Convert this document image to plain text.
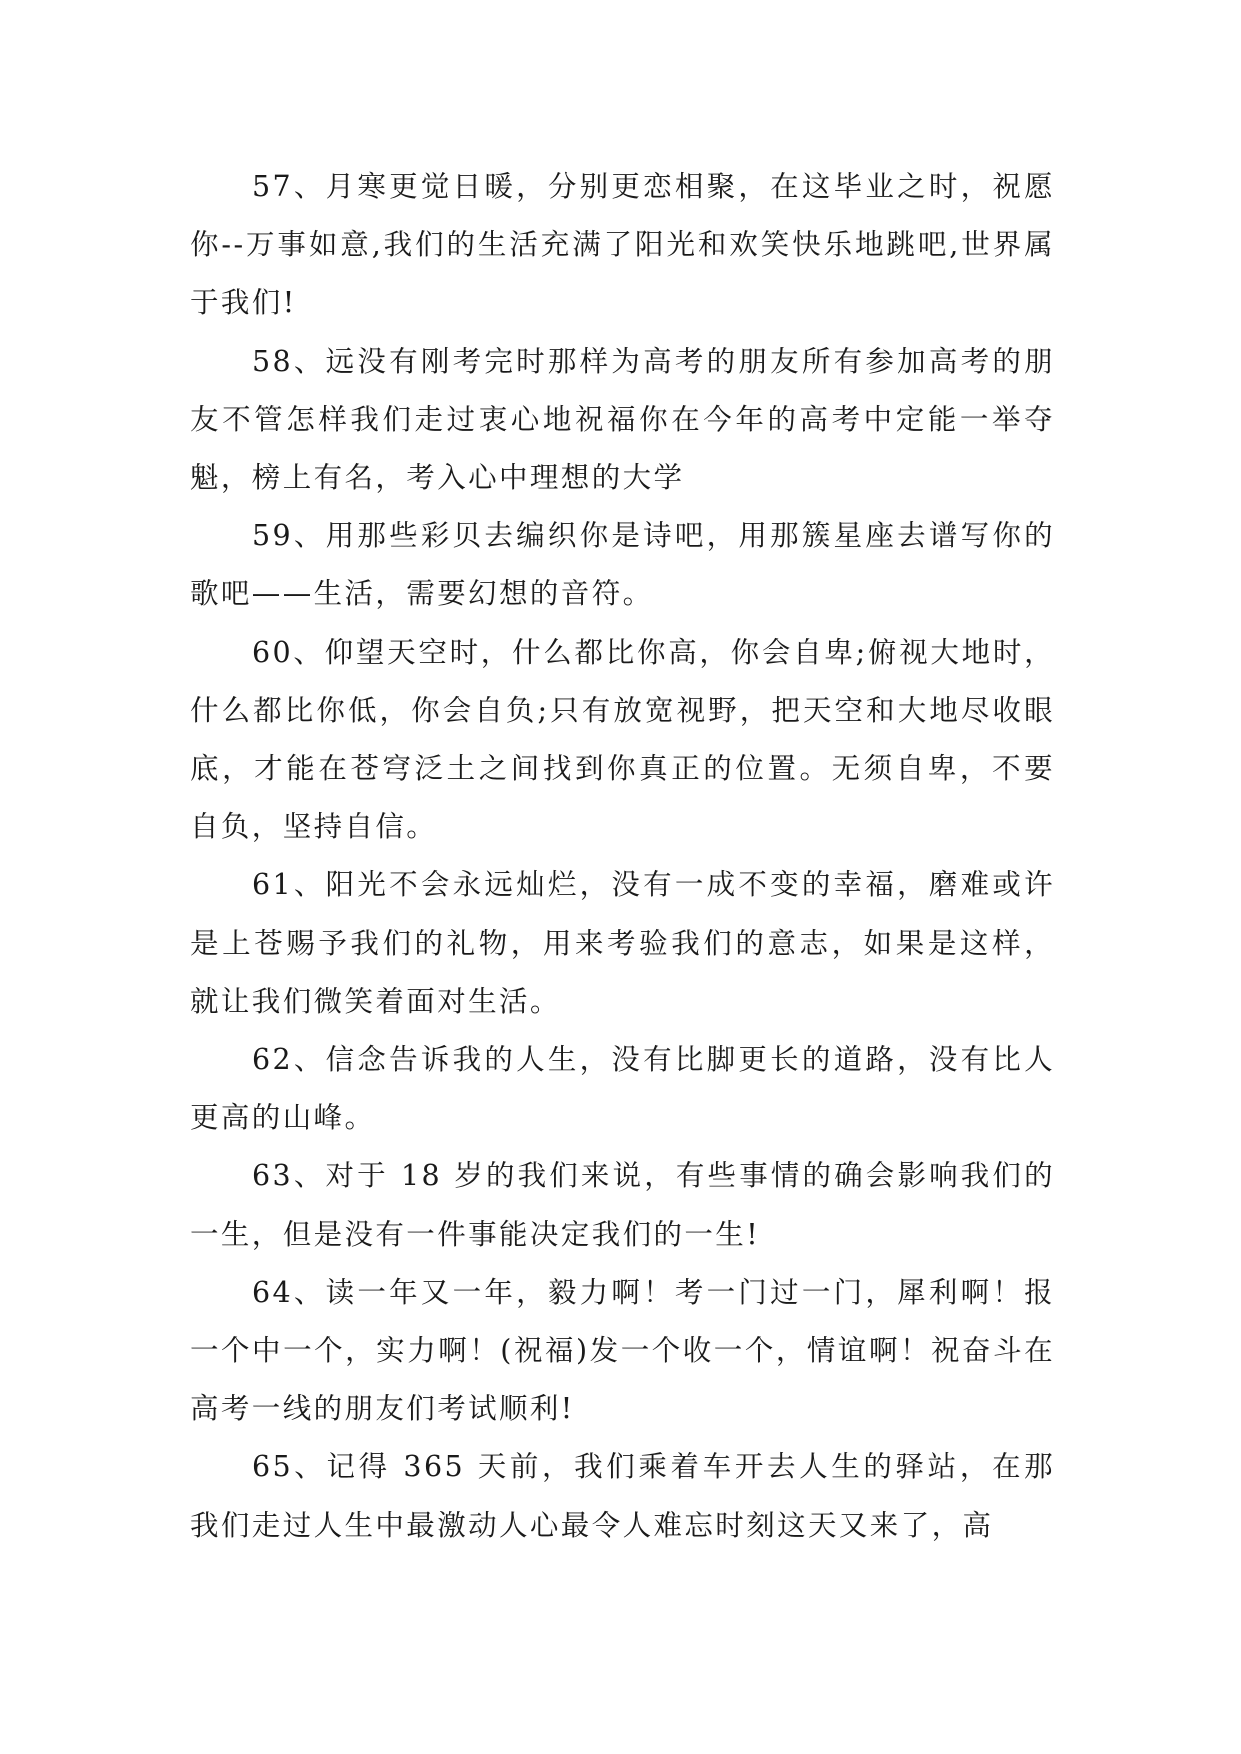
57、月寒更觉日暖，分别更恋相聚，在这毕业之时，祝愿你--万事如意,我们的生活充满了阳光和欢笑快乐地跳吧,世界属于我们!

58、远没有刚考完时那样为高考的朋友所有参加高考的朋友不管怎样我们走过衷心地祝福你在今年的高考中定能一举夺魁，榜上有名，考入心中理想的大学

59、用那些彩贝去编织你是诗吧，用那簇星座去谱写你的歌吧——生活，需要幻想的音符。

60、仰望天空时，什么都比你高，你会自卑;俯视大地时，什么都比你低，你会自负;只有放宽视野，把天空和大地尽收眼底，才能在苍穹泛土之间找到你真正的位置。无须自卑，不要自负，坚持自信。

61、阳光不会永远灿烂，没有一成不变的幸福，磨难或许是上苍赐予我们的礼物，用来考验我们的意志，如果是这样，就让我们微笑着面对生活。

62、信念告诉我的人生，没有比脚更长的道路，没有比人更高的山峰。

63、对于 18 岁的我们来说，有些事情的确会影响我们的一生，但是没有一件事能决定我们的一生!

64、读一年又一年，毅力啊！考一门过一门，犀利啊！报一个中一个，实力啊！(祝福)发一个收一个，情谊啊！祝奋斗在高考一线的朋友们考试顺利!

65、记得 365 天前，我们乘着车开去人生的驿站，在那我们走过人生中最激动人心最令人难忘时刻这天又来了，高
